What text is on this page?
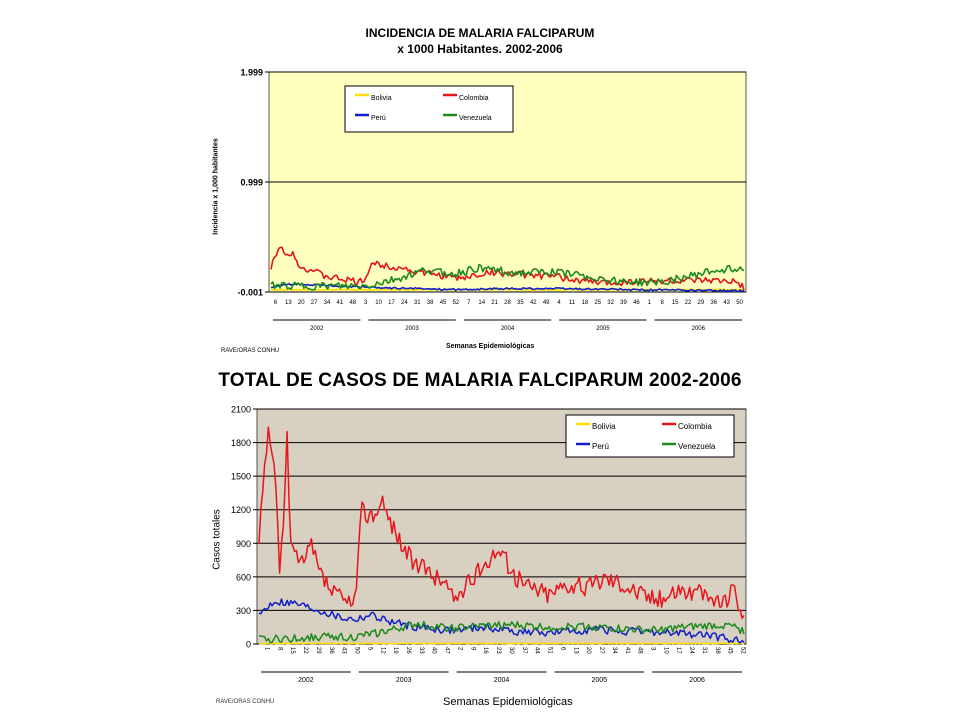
INCIDENCIA DE MALARIA FALCIPARUM
x 1000 Habitantes. 2002-2006
Incidencia x 1,000 habitantes
Semanas Epidemiológicas
RAVE/ORAS CONHU
TOTAL DE CASOS DE MALARIA FALCIPARUM 2002-2006
Casos totales
Semanas Epidemiológicas
RAVE/ORAS CONHU
-0.001
0.999
1.999
6 13 20 27 34 41 48 3 10 17 24 31 38 45 52 7 14 21 28 35 42 49 4 11 18 25 32 39 46 1 8 15 22 29 36 43 50
2002	2003	2004	2005	2006
Bolivia	Colombia
Perú	Venezuela
0
300
600
900
1200
1500
1800
2100
1 8 15 22 29 36 43 50 5 12 19 26 33 40 47 2 9 16 23 30 37 44 51 6 13 20 27 34 41 48 3 10 17 24 31 38 45 52
2002	2003	2004	2005	2006
Bolivia	Colombia
Perú	Venezuela
